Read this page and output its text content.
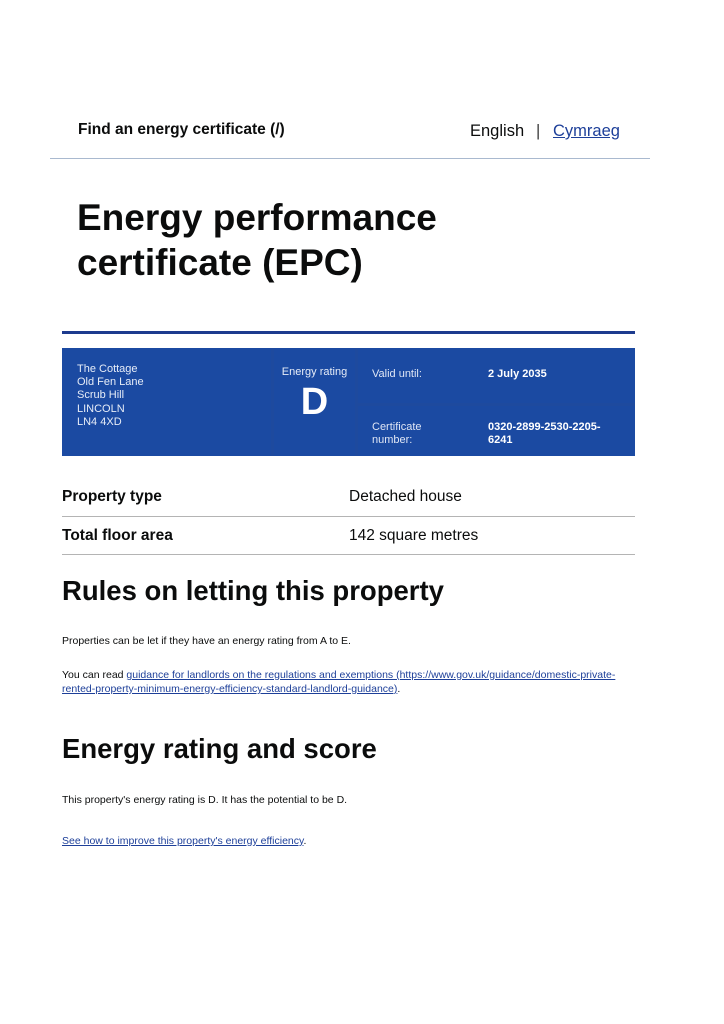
Find an energy certificate (/)	English | Cymraeg
Energy performance certificate (EPC)
The Cottage
Old Fen Lane
Scrub Hill
LINCOLN
LN4 4XD
Energy rating
D
Valid until:	2 July 2035
Certificate number:
0320-2899-2530-2205-6241
Property type	Detached house
Total floor area	142 square metres
Rules on letting this property
Properties can be let if they have an energy rating from A to E.
You can read guidance for landlords on the regulations and exemptions (https://www.gov.uk/guidance/domestic-private-rented-property-minimum-energy-efficiency-standard-landlord-guidance).
Energy rating and score
This property's energy rating is D. It has the potential to be D.
See how to improve this property's energy efficiency.
